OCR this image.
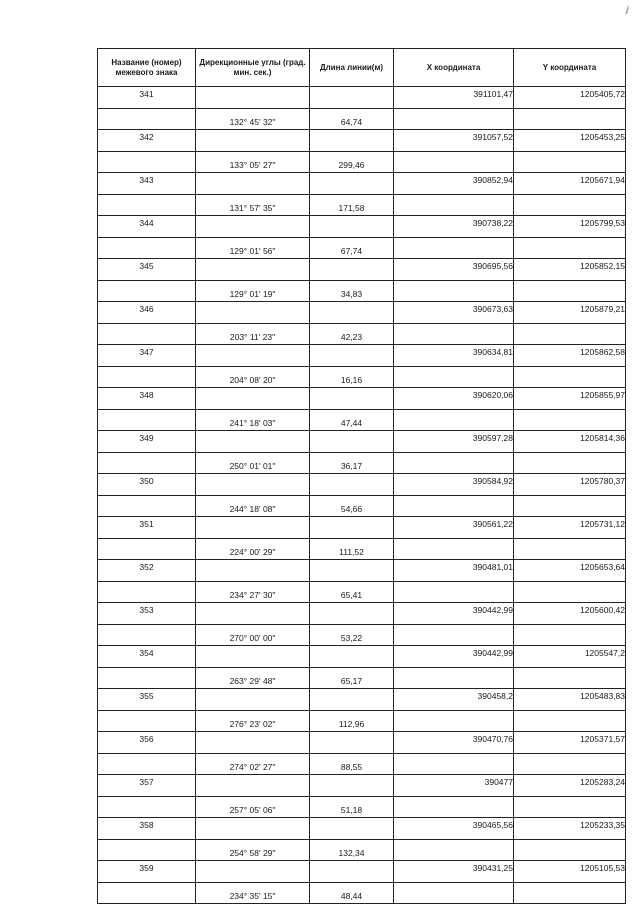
ⅉ
Название (номер) межевого знака	Дирекционные углы (град. мин. сек.)	Длина линии(м)	X координата	Y координата
341			391101,47	1205405,72
	132° 45' 32"	64,74		
342			391057,52	1205453,25
	133° 05' 27"	299,46		
343			390852,94	1205671,94
	131° 57' 35"	171,58		
344			390738,22	1205799,53
	129° 01' 56"	67,74		
345			390695,56	1205852,15
	129° 01' 19"	34,83		
346			390673,63	1205879,21
	203° 11' 23"	42,23		
347			390634,81	1205862,58
	204° 08' 20"	16,16		
348			390620,06	1205855,97
	241° 18' 03"	47,44		
349			390597,28	1205814,36
	250° 01' 01"	36,17		
350			390584,92	1205780,37
	244° 18' 08"	54,66		
351			390561,22	1205731,12
	224° 00' 29"	111,52		
352			390481,01	1205653,64
	234° 27' 30"	65,41		
353			390442,99	1205600,42
	270° 00' 00"	53,22		
354			390442,99	1205547,2
	263° 29' 48"	65,17		
355			390458,2	1205483,83
	276° 23' 02"	112,96		
356			390470,76	1205371,57
	274° 02' 27"	88,55		
357			390477	1205283,24
	257° 05' 06"	51,18		
358			390465,56	1205233,35
	254° 58' 29"	132,34		
359			390431,25	1205105,53
	234° 35' 15"	48,44		
